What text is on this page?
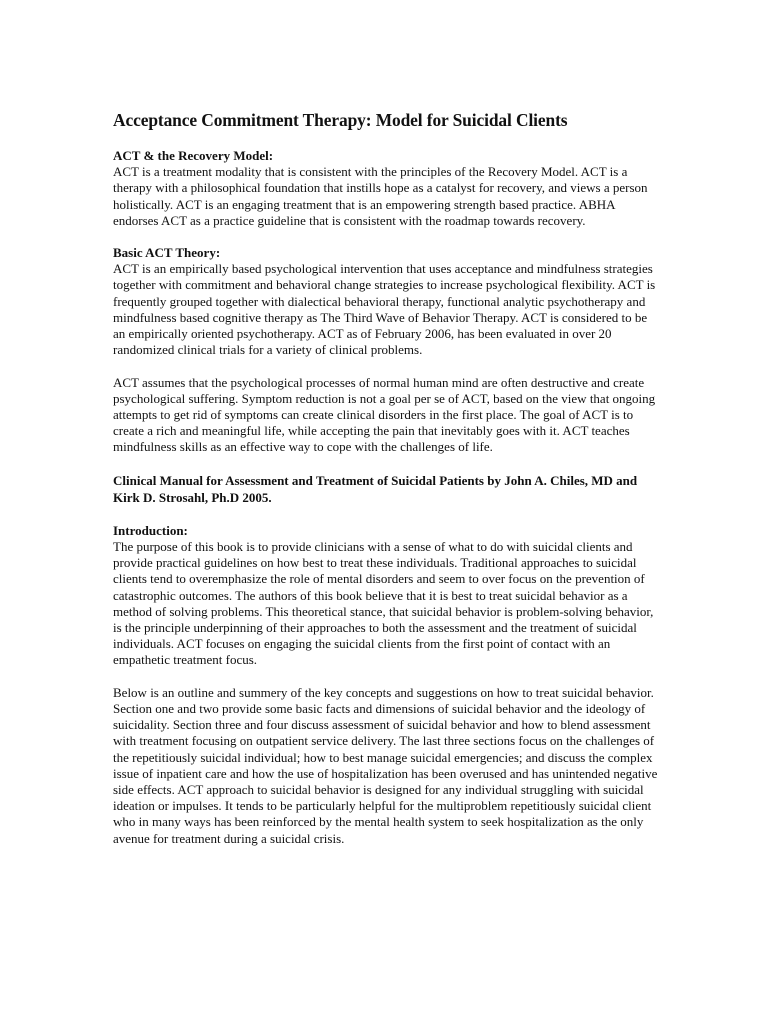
Acceptance Commitment Therapy: Model for Suicidal Clients

ACT & the Recovery Model:

ACT is a treatment modality that is consistent with the principles of the Recovery Model. ACT is a therapy with a philosophical foundation that instills hope as a catalyst for recovery, and views a person holistically. ACT is an engaging treatment that is an empowering strength based practice. ABHA endorses ACT as a practice guideline that is consistent with the roadmap towards recovery.

Basic ACT Theory:

ACT is an empirically based psychological intervention that uses acceptance and mindfulness strategies together with commitment and behavioral change strategies to increase psychological flexibility. ACT is frequently grouped together with dialectical behavioral therapy, functional analytic psychotherapy and mindfulness based cognitive therapy as The Third Wave of Behavior Therapy. ACT is considered to be an empirically oriented psychotherapy. ACT as of February 2006, has been evaluated in over 20 randomized clinical trials for a variety of clinical problems.

ACT assumes that the psychological processes of normal human mind are often destructive and create psychological suffering. Symptom reduction is not a goal per se of ACT, based on the view that ongoing attempts to get rid of symptoms can create clinical disorders in the first place. The goal of ACT is to create a rich and meaningful life, while accepting the pain that inevitably goes with it. ACT teaches mindfulness skills as an effective way to cope with the challenges of life.

Clinical Manual for Assessment and Treatment of Suicidal Patients by John A. Chiles, MD and Kirk D. Strosahl, Ph.D 2005.

Introduction:

The purpose of this book is to provide clinicians with a sense of what to do with suicidal clients and provide practical guidelines on how best to treat these individuals. Traditional approaches to suicidal clients tend to overemphasize the role of mental disorders and seem to over focus on the prevention of catastrophic outcomes. The authors of this book believe that it is best to treat suicidal behavior as a method of solving problems. This theoretical stance, that suicidal behavior is problem-solving behavior, is the principle underpinning of their approaches to both the assessment and the treatment of suicidal individuals. ACT focuses on engaging the suicidal clients from the first point of contact with an empathetic treatment focus.

Below is an outline and summery of the key concepts and suggestions on how to treat suicidal behavior. Section one and two provide some basic facts and dimensions of suicidal behavior and the ideology of suicidality. Section three and four discuss assessment of suicidal behavior and how to blend assessment with treatment focusing on outpatient service delivery. The last three sections focus on the challenges of the repetitiously suicidal individual; how to best manage suicidal emergencies; and discuss the complex issue of inpatient care and how the use of hospitalization has been overused and has unintended negative side effects. ACT approach to suicidal behavior is designed for any individual struggling with suicidal ideation or impulses. It tends to be particularly helpful for the multiproblem repetitiously suicidal client who in many ways has been reinforced by the mental health system to seek hospitalization as the only avenue for treatment during a suicidal crisis.
